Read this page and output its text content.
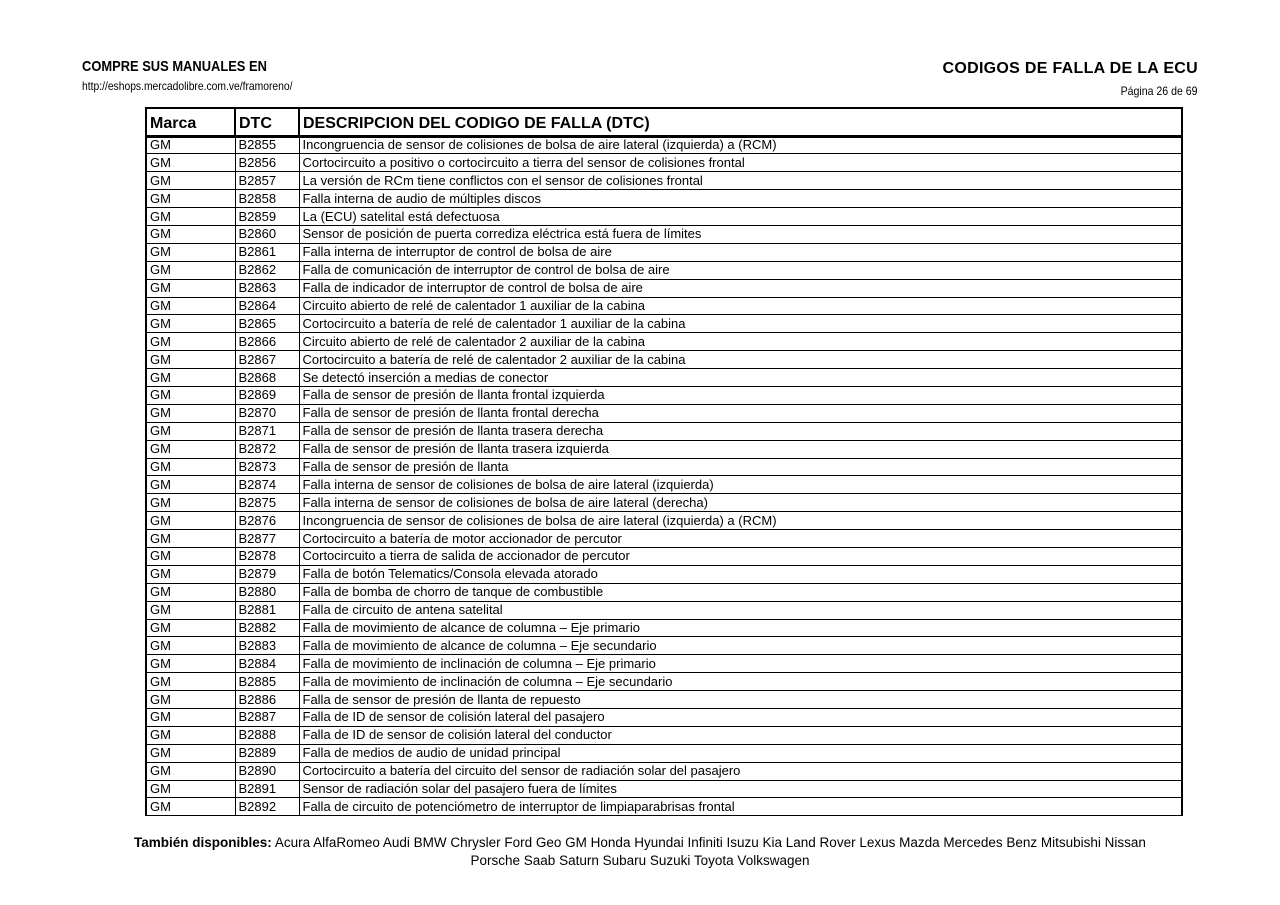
COMPRE SUS MANUALES EN
http://eshops.mercadolibre.com.ve/framoreno/
CODIGOS DE FALLA DE LA ECU
Página 26 de 69
Marca	DTC	DESCRIPCION DEL CODIGO DE FALLA (DTC)
GM	B2855	Incongruencia de sensor de colisiones de bolsa de aire lateral (izquierda) a (RCM)
GM	B2856	Cortocircuito a positivo o cortocircuito a tierra del sensor de colisiones frontal
GM	B2857	La versión de RCm tiene conflictos con el sensor de colisiones frontal
GM	B2858	Falla interna de audio de múltiples discos
GM	B2859	La (ECU) satelital está defectuosa
GM	B2860	Sensor de posición de puerta corrediza eléctrica está fuera de límites
GM	B2861	Falla interna de interruptor de control de bolsa de aire
GM	B2862	Falla de comunicación de interruptor de control de bolsa de aire
GM	B2863	Falla de indicador de interruptor de control de bolsa de aire
GM	B2864	Circuito abierto de relé de calentador 1 auxiliar de la cabina
GM	B2865	Cortocircuito a batería de relé de calentador 1 auxiliar de la cabina
GM	B2866	Circuito abierto de relé de calentador 2 auxiliar de la cabina
GM	B2867	Cortocircuito a batería de relé de calentador 2 auxiliar de la cabina
GM	B2868	Se detectó inserción a medias de conector
GM	B2869	Falla de sensor de presión de llanta frontal izquierda
GM	B2870	Falla de sensor de presión de llanta frontal derecha
GM	B2871	Falla de sensor de presión de llanta trasera derecha
GM	B2872	Falla de sensor de presión de llanta trasera izquierda
GM	B2873	Falla de sensor de presión de llanta
GM	B2874	Falla interna de sensor de colisiones de bolsa de aire lateral (izquierda)
GM	B2875	Falla interna de sensor de colisiones de bolsa de aire lateral (derecha)
GM	B2876	Incongruencia de sensor de colisiones de bolsa de aire lateral (izquierda) a (RCM)
GM	B2877	Cortocircuito a batería de motor accionador de percutor
GM	B2878	Cortocircuito a tierra de salida de accionador de percutor
GM	B2879	Falla de botón Telematics/Consola elevada atorado
GM	B2880	Falla de bomba de chorro de tanque de combustible
GM	B2881	Falla de circuito de antena satelital
GM	B2882	Falla de movimiento de alcance de columna – Eje primario
GM	B2883	Falla de movimiento de alcance de columna – Eje secundario
GM	B2884	Falla de movimiento de inclinación de columna – Eje primario
GM	B2885	Falla de movimiento de inclinación de columna – Eje secundario
GM	B2886	Falla de sensor de presión de llanta de repuesto
GM	B2887	Falla de ID de sensor de colisión lateral del pasajero
GM	B2888	Falla de ID de sensor de colisión lateral del conductor
GM	B2889	Falla de medios de audio de unidad principal
GM	B2890	Cortocircuito a batería del circuito del sensor de radiación solar del pasajero
GM	B2891	Sensor de radiación solar del pasajero fuera de límites
GM	B2892	Falla de circuito de potenciómetro de interruptor de limpiaparabrisas frontal
También disponibles: Acura AlfaRomeo Audi BMW Chrysler Ford Geo GM Honda Hyundai Infiniti Isuzu Kia Land Rover Lexus Mazda Mercedes Benz Mitsubishi Nissan
Porsche Saab Saturn Subaru Suzuki Toyota Volkswagen
